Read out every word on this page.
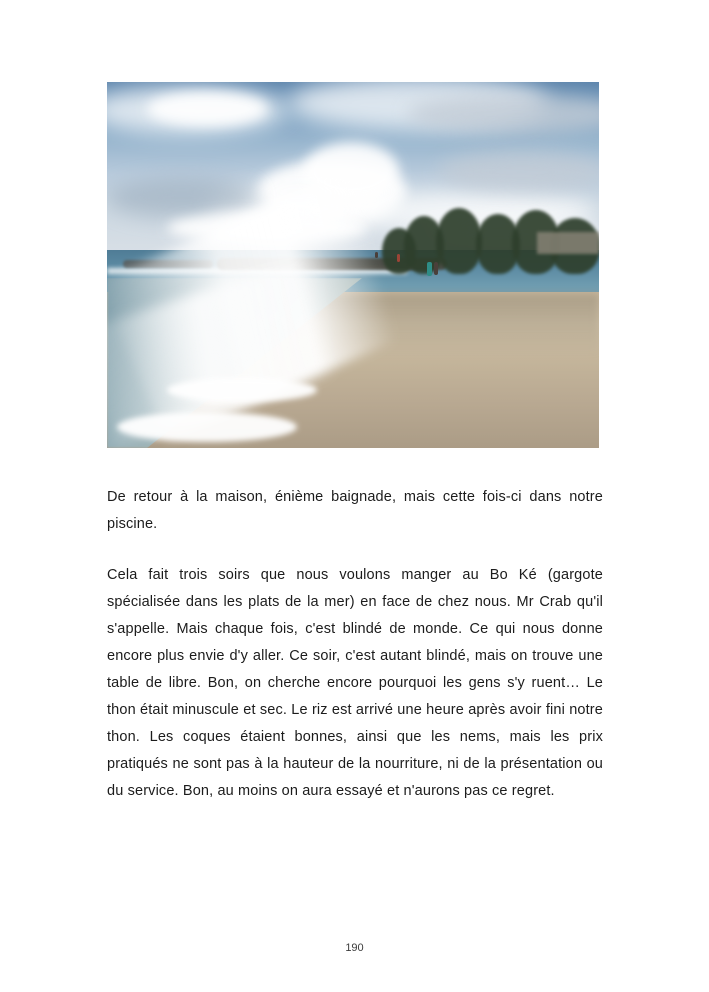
De retour à la maison, énième baignade, mais cette fois-ci dans notre piscine.

Cela fait trois soirs que nous voulons manger au Bo Ké (gargote spécialisée dans les plats de la mer) en face de chez nous. Mr Crab qu'il s'appelle. Mais chaque fois, c'est blindé de monde. Ce qui nous donne encore plus envie d'y aller. Ce soir, c'est autant blindé, mais on trouve une table de libre. Bon, on cherche encore pourquoi les gens s'y ruent… Le thon était minuscule et sec. Le riz est arrivé une heure après avoir fini notre thon. Les coques étaient bonnes, ainsi que les nems, mais les prix pratiqués ne sont pas à la hauteur de la nourriture, ni de la présentation ou du service. Bon, au moins on aura essayé et n'aurons pas ce regret.

190
